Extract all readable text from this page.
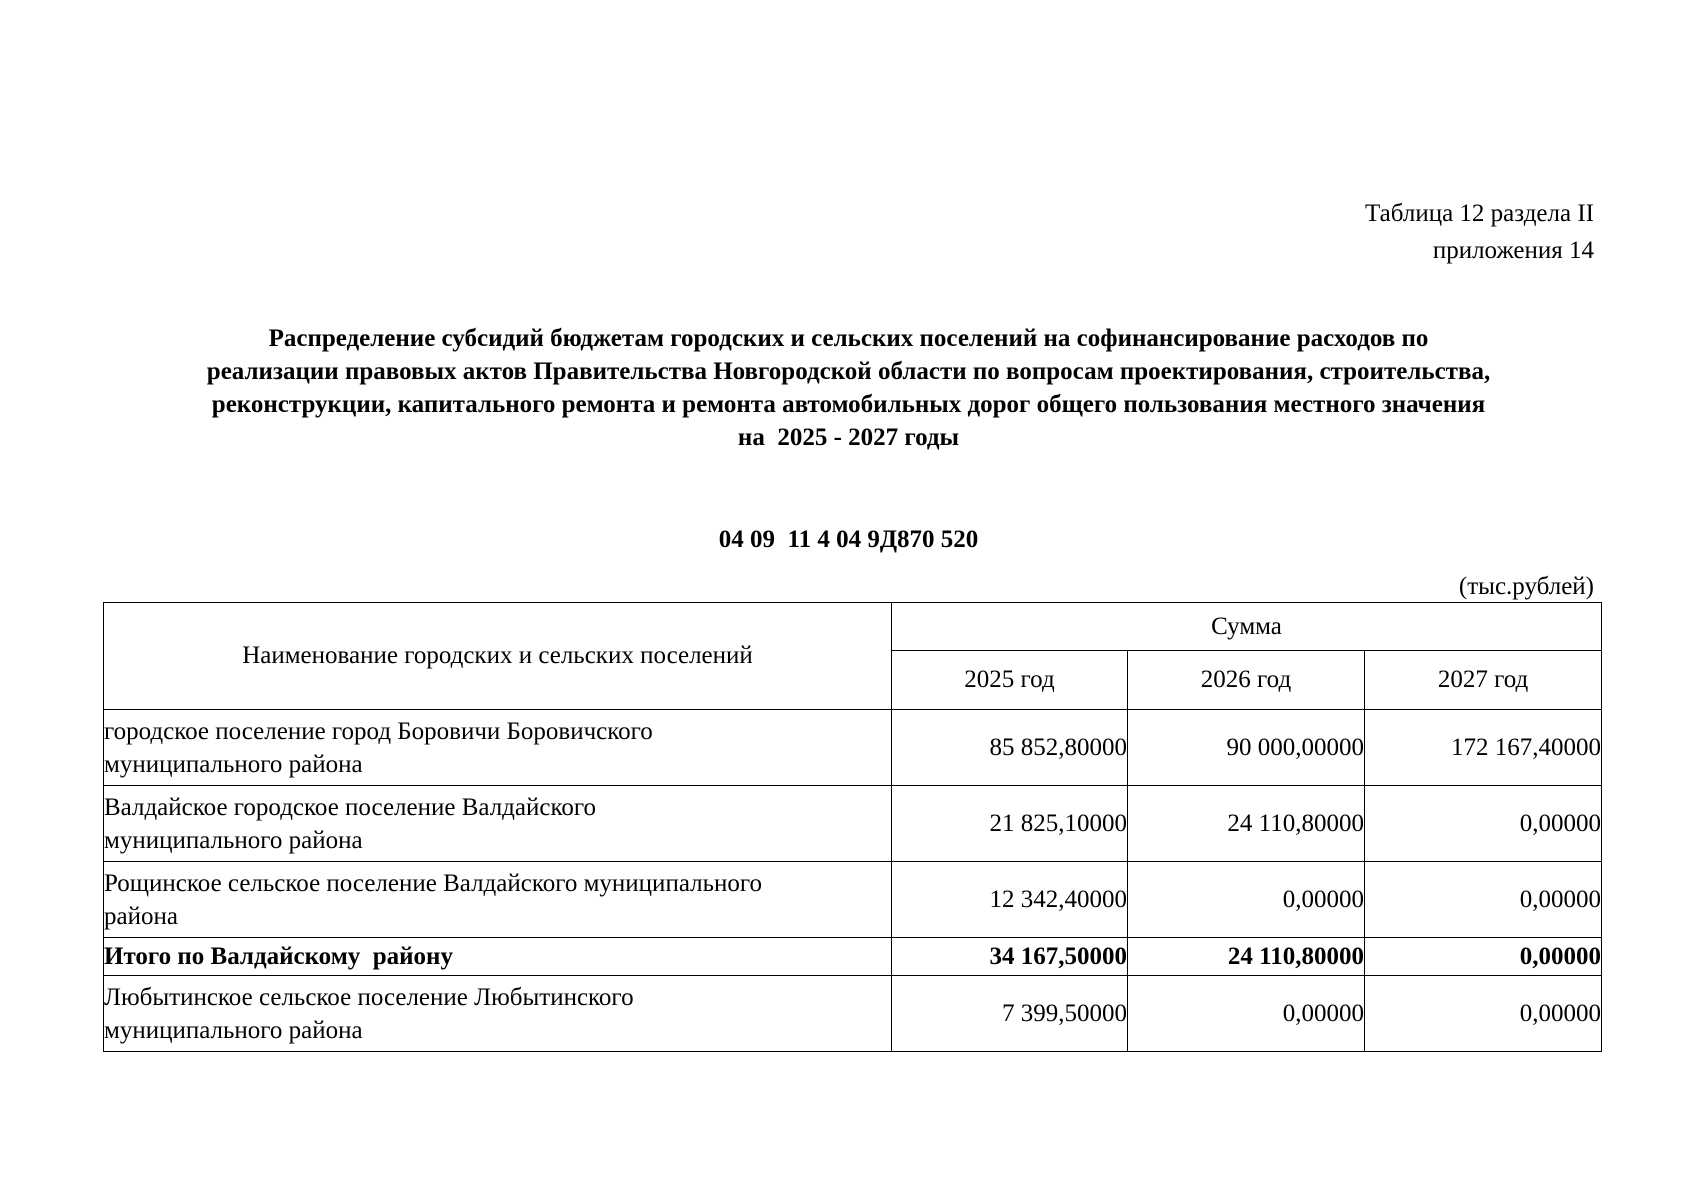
Таблица 12 раздела II
приложения 14
Распределение субсидий бюджетам городских и сельских поселений на софинансирование расходов по
реализации правовых актов Правительства Новгородской области по вопросам проектирования, строительства,
реконструкции, капитального ремонта и ремонта автомобильных дорог общего пользования местного значения
на  2025 - 2027 годы
04 09  11 4 04 9Д870 520
(тыс.рублей)
Наименование городских и сельских поселений	Сумма		
	2025 год	2026 год	2027 год

городское поселение город Боровичи Боровичского
муниципального района	85 852,80000	90 000,00000	172 167,40000

Валдайское городское поселение Валдайского
муниципального района	21 825,10000	24 110,80000	0,00000

Рощинское сельское поселение Валдайского муниципального
района	12 342,40000	0,00000	0,00000
Итого по Валдайскому  району	34 167,50000	24 110,80000	0,00000

Любытинское сельское поселение Любытинского
муниципального района	7 399,50000	0,00000	0,00000
